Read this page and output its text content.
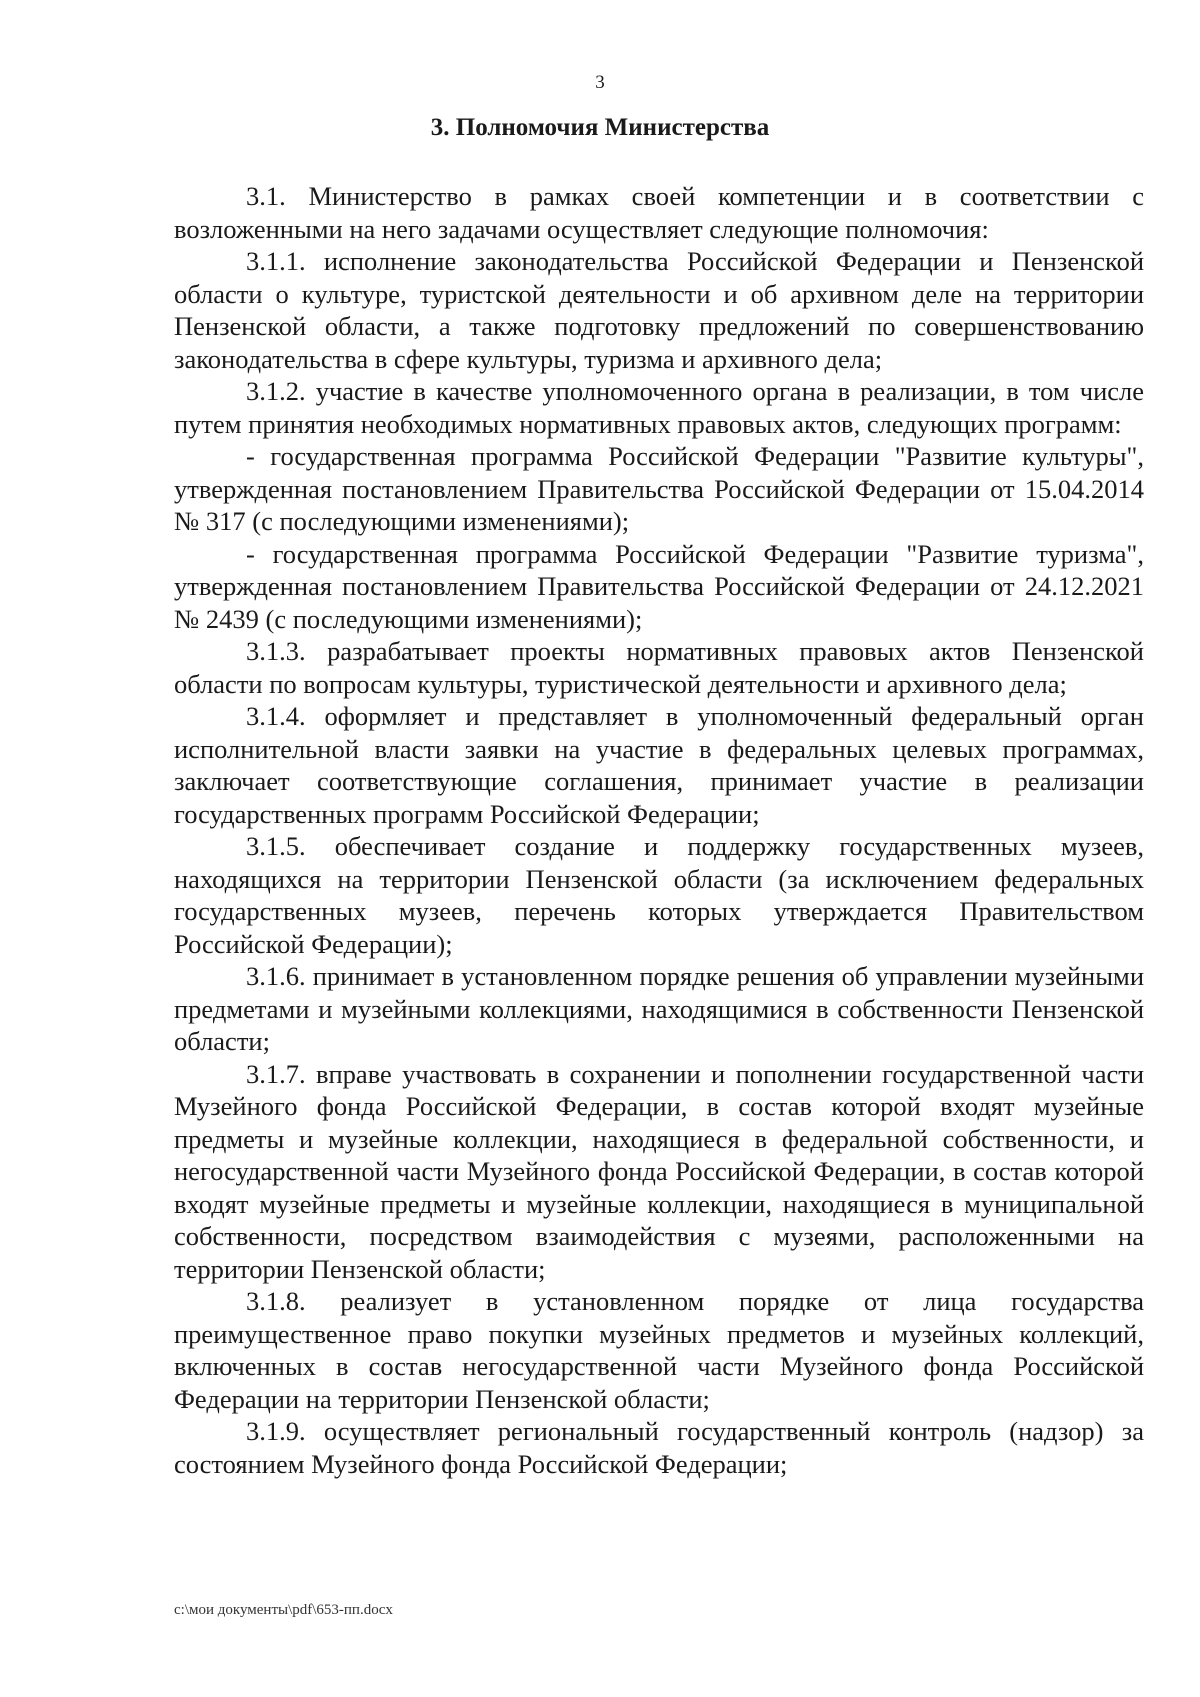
3
3. Полномочия Министерства

3.1. Министерство в рамках своей компетенции и в соответствии с возложенными на него задачами осуществляет следующие полномочия:

3.1.1. исполнение законодательства Российской Федерации и Пензенской области о культуре, туристской деятельности и об архивном деле на территории Пензенской области, а также подготовку предложений по совершенствованию законодательства в сфере культуры, туризма и архивного дела;

3.1.2. участие в качестве уполномоченного органа в реализации, в том числе путем принятия необходимых нормативных правовых актов, следующих программ:

- государственная программа Российской Федерации "Развитие культуры", утвержденная постановлением Правительства Российской Федерации от 15.04.2014 № 317 (с последующими изменениями);

- государственная программа Российской Федерации "Развитие туризма", утвержденная постановлением Правительства Российской Федерации от 24.12.2021 № 2439 (с последующими изменениями);

3.1.3. разрабатывает проекты нормативных правовых актов Пензенской области по вопросам культуры, туристической деятельности и архивного дела;

3.1.4. оформляет и представляет в уполномоченный федеральный орган исполнительной власти заявки на участие в федеральных целевых программах, заключает соответствующие соглашения, принимает участие в реализации государственных программ Российской Федерации;

3.1.5. обеспечивает создание и поддержку государственных музеев, находящихся на территории Пензенской области (за исключением федеральных государственных музеев, перечень которых утверждается Правительством Российской Федерации);

3.1.6. принимает в установленном порядке решения об управлении музейными предметами и музейными коллекциями, находящимися в собственности Пензенской области;

3.1.7. вправе участвовать в сохранении и пополнении государственной части Музейного фонда Российской Федерации, в состав которой входят музейные предметы и музейные коллекции, находящиеся в федеральной собственности, и негосударственной части Музейного фонда Российской Федерации, в состав которой входят музейные предметы и музейные коллекции, находящиеся в муниципальной собственности, посредством взаимодействия с музеями, расположенными на территории Пензенской области;

3.1.8. реализует в установленном порядке от лица государства преимущественное право покупки музейных предметов и музейных коллекций, включенных в состав негосударственной части Музейного фонда Российской Федерации на территории Пензенской области;

3.1.9. осуществляет региональный государственный контроль (надзор) за состоянием Музейного фонда Российской Федерации;

c:\мои документы\pdf\653-пп.docx
